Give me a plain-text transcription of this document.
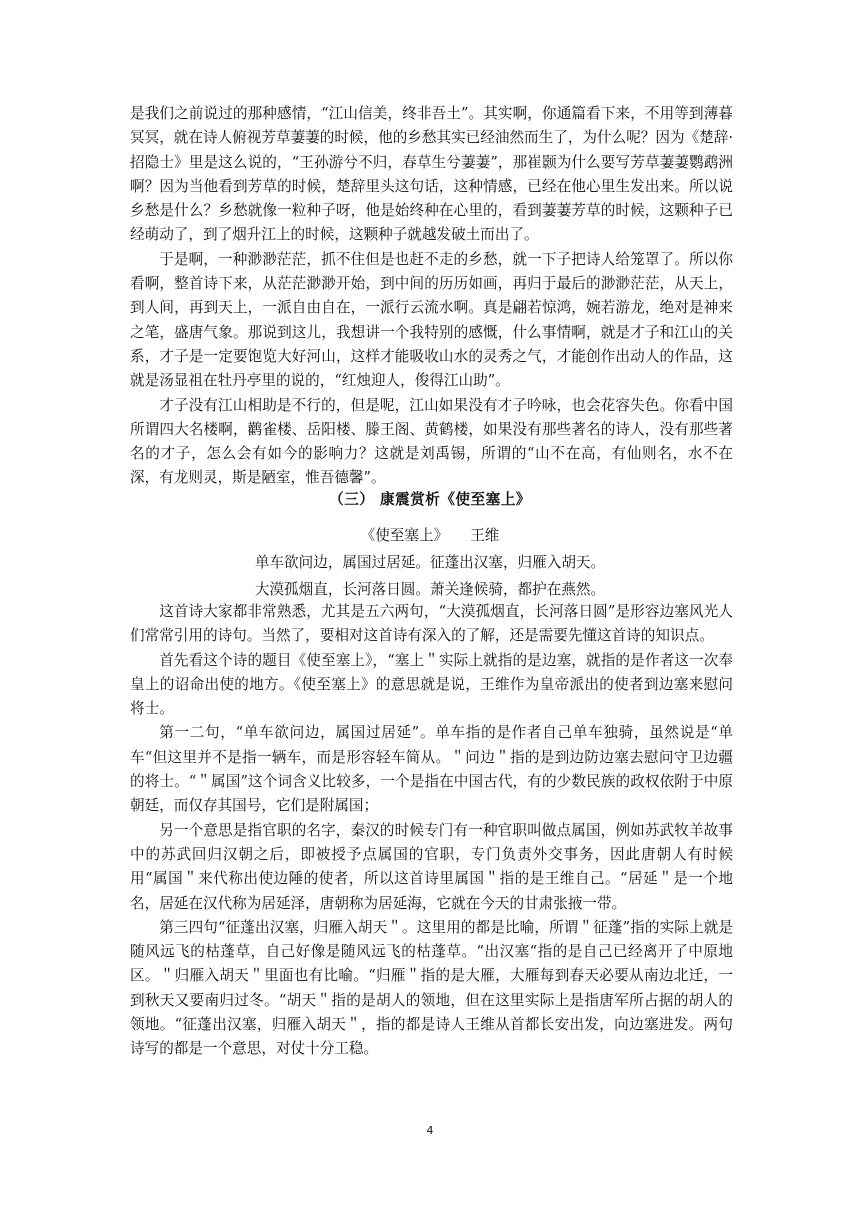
是我们之前说过的那种感情，“江山信美，终非吾土”。其实啊，你通篇看下来，不用等到薄暮冥冥，就在诗人俯视芳草萋萋的时候，他的乡愁其实已经油然而生了，为什么呢？因为《楚辞·招隐士》里是这么说的，“王孙游兮不归，春草生兮萋萋”，那崔颢为什么要写芳草萋萋鹦鹉洲啊？因为当他看到芳草的时候，楚辞里头这句话，这种情感，已经在他心里生发出来。所以说乡愁是什么？乡愁就像一粒种子呀，他是始终种在心里的，看到萋萋芳草的时候，这颗种子已经萌动了，到了烟升江上的时候，这颗种子就越发破土而出了。

于是啊，一种渺渺茫茫，抓不住但是也赶不走的乡愁，就一下子把诗人给笼罩了。所以你看啊，整首诗下来，从茫茫渺渺开始，到中间的历历如画，再归于最后的渺渺茫茫，从天上，到人间，再到天上，一派自由自在，一派行云流水啊。真是翩若惊鸿，婉若游龙，绝对是神来之笔，盛唐气象。那说到这儿，我想讲一个我特别的感慨，什么事情啊，就是才子和江山的关系，才子是一定要饱览大好河山，这样才能吸收山水的灵秀之气，才能创作出动人的作品，这就是汤显祖在牡丹亭里的说的，“红烛迎人，俊得江山助”。

才子没有江山相助是不行的，但是呢，江山如果没有才子吟咏，也会花容失色。你看中国所谓四大名楼啊，鹳雀楼、岳阳楼、滕王阁、黄鹤楼，如果没有那些著名的诗人，没有那些著名的才子，怎么会有如今的影响力？这就是刘禹锡，所谓的“山不在高，有仙则名，水不在深，有龙则灵，斯是陋室，惟吾德馨”。

（三） 康震赏析《使至塞上》
《使至塞上》 王维
单车欲问边，属国过居延。征蓬出汉塞，归雁入胡天。
大漠孤烟直，长河落日圆。萧关逢候骑，都护在燕然。

这首诗大家都非常熟悉，尤其是五六两句，“大漠孤烟直，长河落日圆”是形容边塞风光人们常常引用的诗句。当然了，要相对这首诗有深入的了解，还是需要先懂这首诗的知识点。

首先看这个诗的题目《使至塞上》，“塞上＂实际上就指的是边塞，就指的是作者这一次奉皇上的诏命出使的地方。《使至塞上》的意思就是说，王维作为皇帝派出的使者到边塞来慰问将士。

第一二句，“单车欲问边，属国过居延”。单车指的是作者自己单车独骑，虽然说是“单车“但这里并不是指一辆车，而是形容轻车简从。＂问边＂指的是到边防边塞去慰问守卫边疆的将士。“＂属国”这个词含义比较多，一个是指在中国古代，有的少数民族的政权依附于中原朝廷，而仅存其国号，它们是附属国；

另一个意思是指官职的名字，秦汉的时候专门有一种官职叫做点属国，例如苏武牧羊故事中的苏武回归汉朝之后，即被授予点属国的官职，专门负责外交事务，因此唐朝人有时候用“属国＂来代称出使边陲的使者，所以这首诗里属国＂指的是王维自己。“居延＂是一个地名，居延在汉代称为居延泽，唐朝称为居延海，它就在今天的甘肃张掖一带。

第三四句“征蓬出汉塞，归雁入胡天＂。这里用的都是比喻，所谓＂征蓬”指的实际上就是随风远飞的枯蓬草，自己好像是随风远飞的枯蓬草。“出汉塞“指的是自己已经离开了中原地区。＂归雁入胡天＂里面也有比喻。“归雁＂指的是大雁，大雁每到春天必要从南边北迁，一到秋天又要南归过冬。“胡天＂指的是胡人的领地，但在这里实际上是指唐军所占据的胡人的领地。“征蓬出汉塞，归雁入胡天＂，指的都是诗人王维从首都长安出发，向边塞进发。两句诗写的都是一个意思，对仗十分工稳。

4
